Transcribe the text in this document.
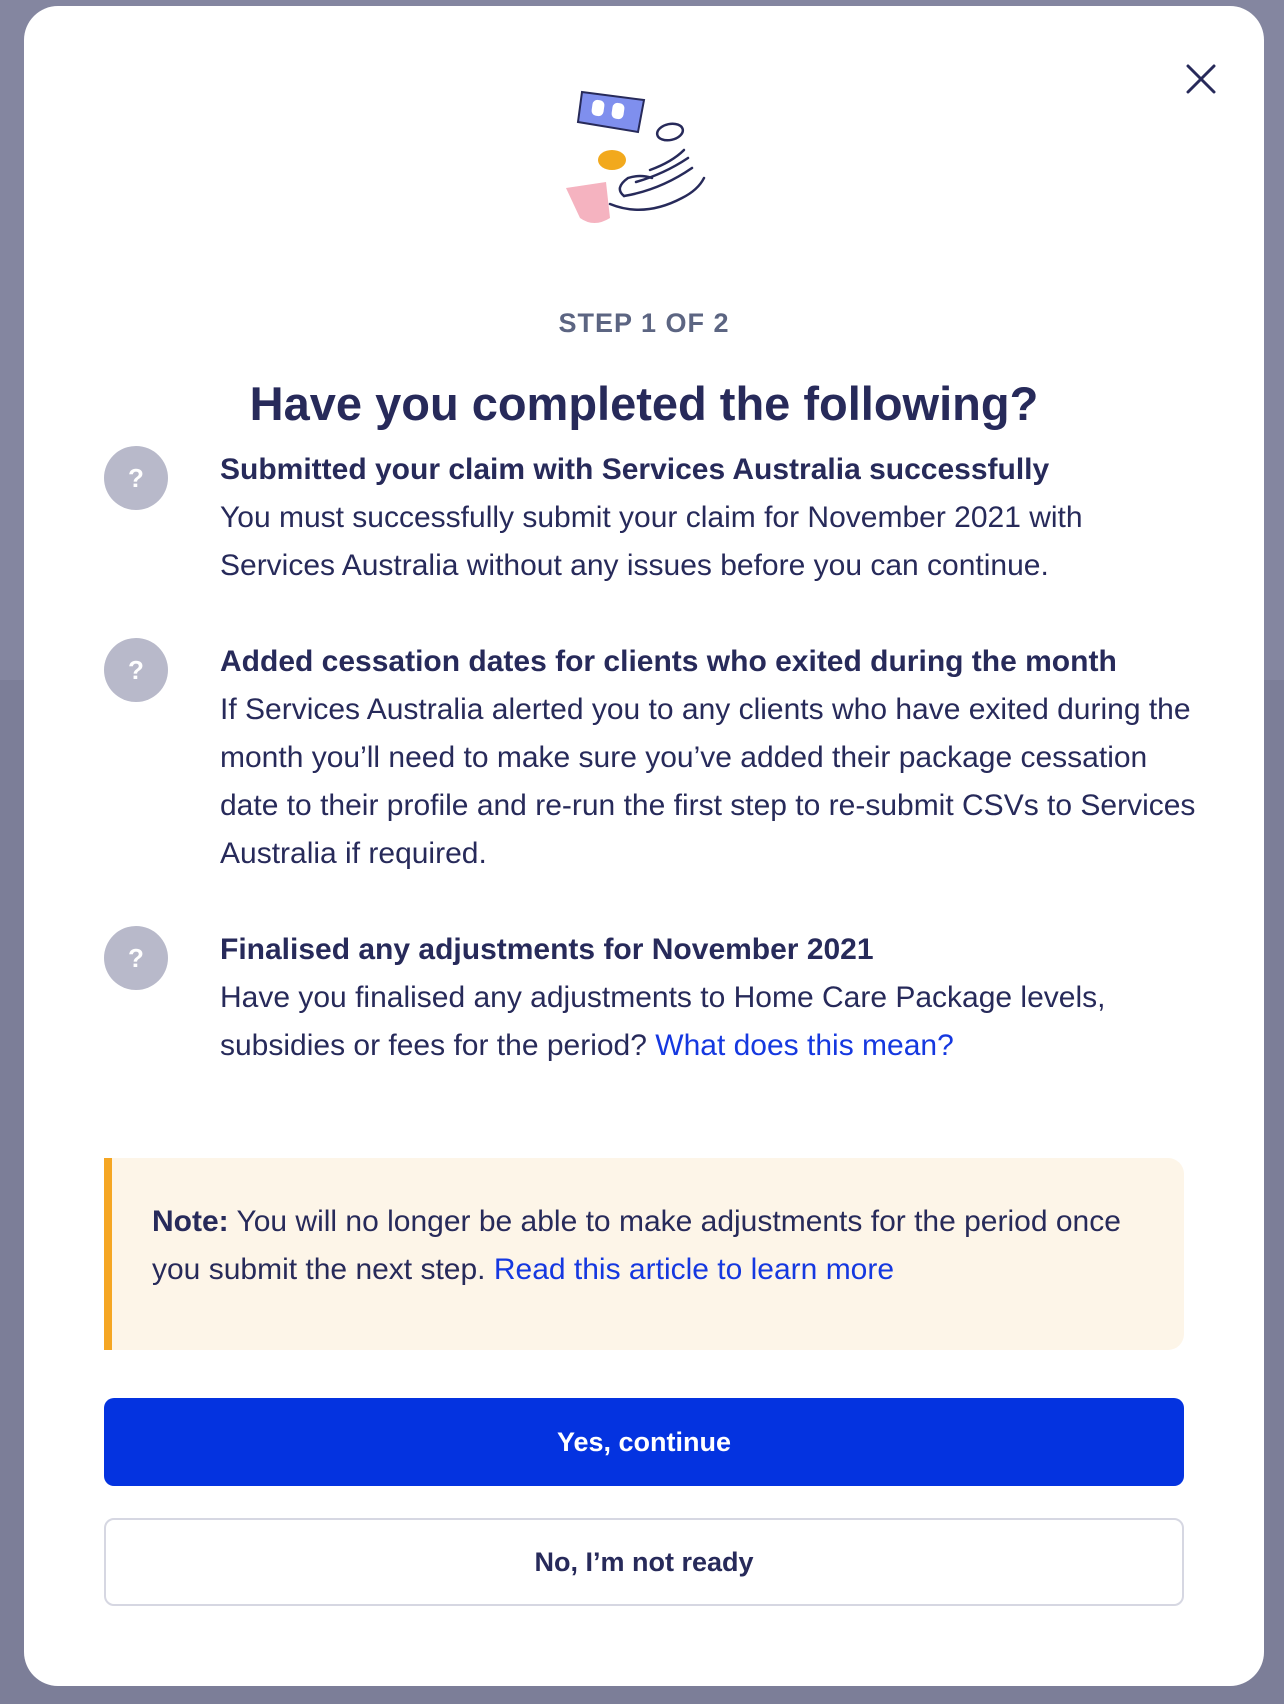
STEP 1 OF 2
Have you completed the following?
?	Submitted your claim with Services Australia successfully
You must successfully submit your claim for November 2021 with Services Australia without any issues before you can continue.
?	Added cessation dates for clients who exited during the month
If Services Australia alerted you to any clients who have exited during the month you’ll need to make sure you’ve added their package cessation date to their profile and re-run the first step to re-submit CSVs to Services Australia if required.
?	Finalised any adjustments for November 2021
Have you finalised any adjustments to Home Care Package levels, subsidies or fees for the period? What does this mean?
Note: You will no longer be able to make adjustments for the period once you submit the next step. Read this article to learn more
Yes, continue
No, I’m not ready
